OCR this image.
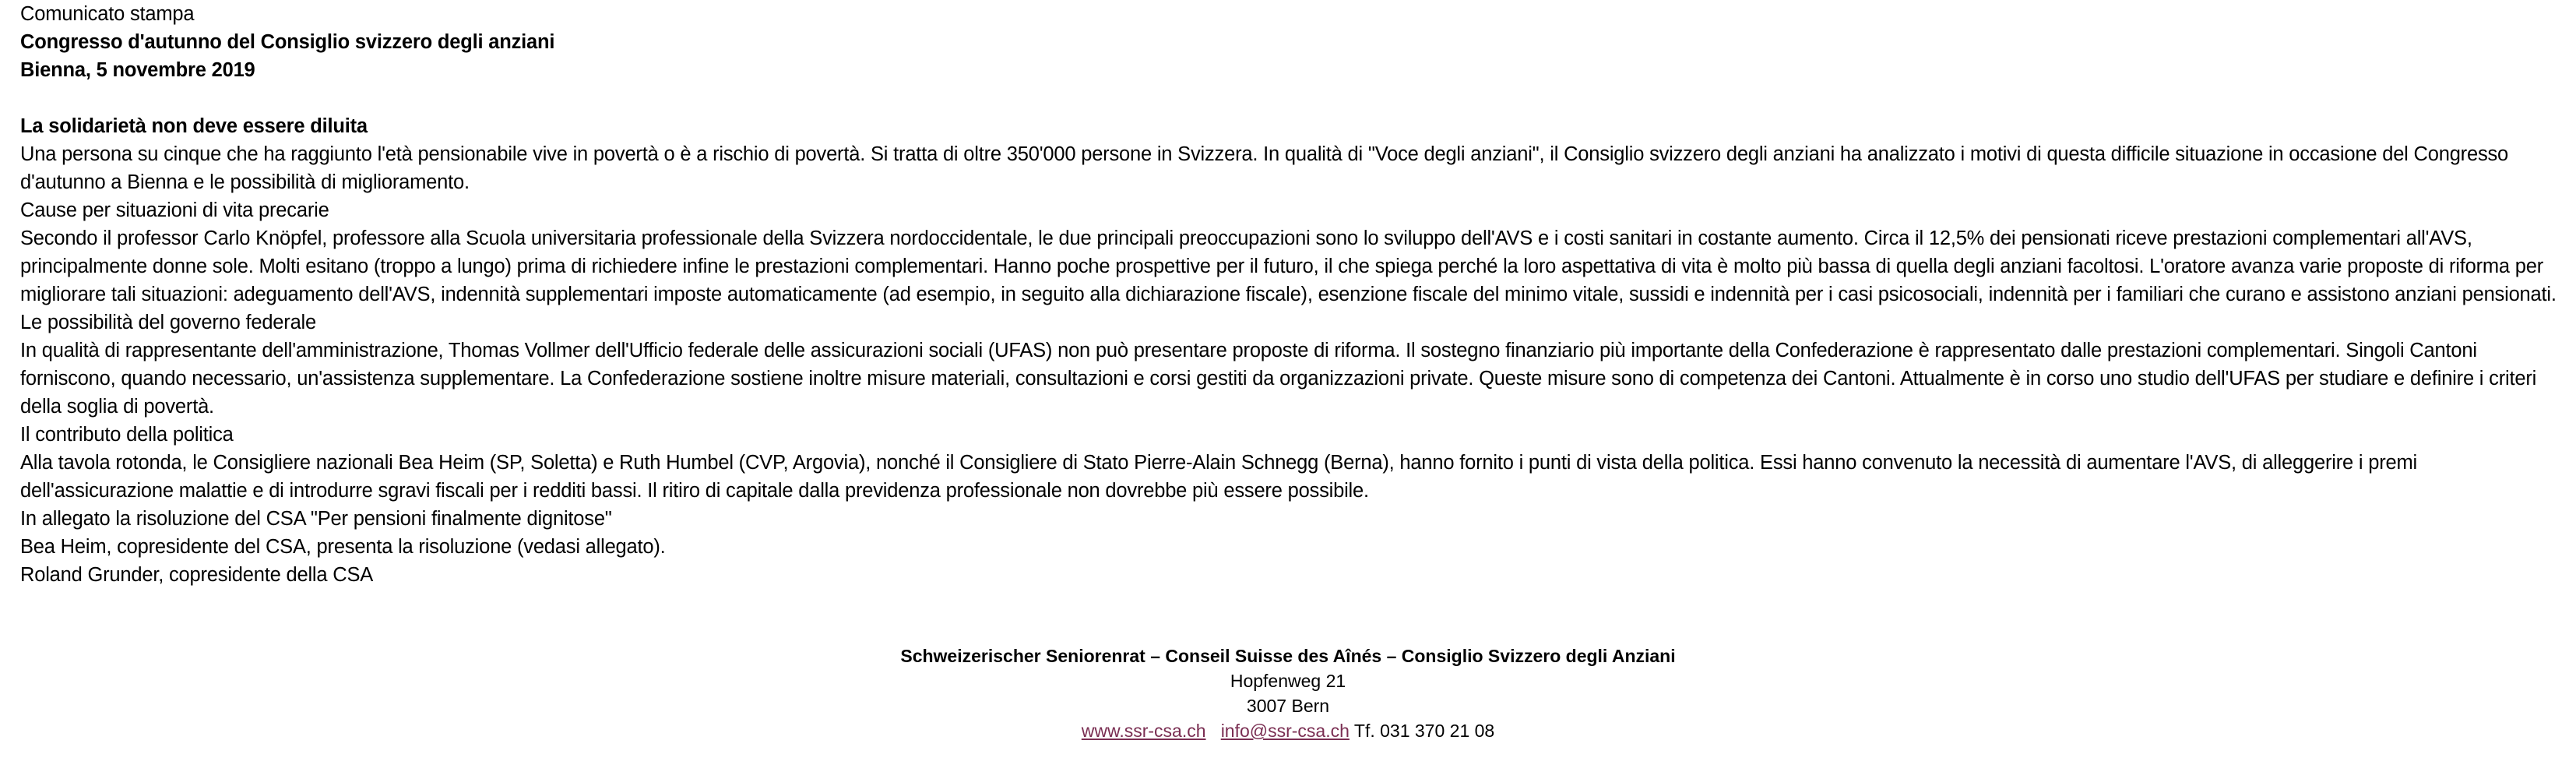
Comunicato stampa

Congresso d'autunno del Consiglio svizzero degli anziani

Bienna, 5 novembre 2019

La solidarietà non deve essere diluita

Una persona su cinque che ha raggiunto l'età pensionabile vive in povertà o è a rischio di povertà. Si tratta di oltre 350'000 persone in Svizzera. In qualità di "Voce degli anziani", il Consiglio svizzero degli anziani ha analizzato i motivi di questa difficile situazione in occasione del Congresso d'autunno a Bienna e le possibilità di miglioramento.

Cause per situazioni di vita precarie

Secondo il professor Carlo Knöpfel, professore alla Scuola universitaria professionale della Svizzera nordoccidentale, le due principali preoccupazioni sono lo sviluppo dell'AVS e i costi sanitari in costante aumento. Circa il 12,5% dei pensionati riceve prestazioni complementari all'AVS, principalmente donne sole. Molti esitano (troppo a lungo) prima di richiedere infine le prestazioni complementari. Hanno poche prospettive per il futuro, il che spiega perché la loro aspettativa di vita è molto più bassa di quella degli anziani facoltosi. L'oratore avanza varie proposte di riforma per migliorare tali situazioni: adeguamento dell'AVS, indennità supplementari imposte automaticamente (ad esempio, in seguito alla dichiarazione fiscale), esenzione fiscale del minimo vitale, sussidi e indennità per i casi psicosociali, indennità per i familiari che curano e assistono anziani pensionati.

Le possibilità del governo federale

In qualità di rappresentante dell'amministrazione, Thomas Vollmer dell'Ufficio federale delle assicurazioni sociali (UFAS) non può presentare proposte di riforma. Il sostegno finanziario più importante della Confederazione è rappresentato dalle prestazioni complementari. Singoli Cantoni forniscono, quando necessario, un'assistenza supplementare. La Confederazione sostiene inoltre misure materiali, consultazioni e corsi gestiti da organizzazioni private. Queste misure sono di competenza dei Cantoni. Attualmente è in corso uno studio dell'UFAS per studiare e definire i criteri della soglia di povertà.

Il contributo della politica

Alla tavola rotonda, le Consigliere nazionali Bea Heim (SP, Soletta) e Ruth Humbel (CVP, Argovia), nonché il Consigliere di Stato Pierre-Alain Schnegg (Berna), hanno fornito i punti di vista della politica. Essi hanno convenuto la necessità di aumentare l'AVS, di alleggerire i premi dell'assicurazione malattie e di introdurre sgravi fiscali per i redditi bassi. Il ritiro di capitale dalla previdenza professionale non dovrebbe più essere possibile.

In allegato la risoluzione del CSA "Per pensioni finalmente dignitose"

Bea Heim, copresidente del CSA, presenta la risoluzione (vedasi allegato).

Roland Grunder, copresidente della CSA

Schweizerischer Seniorenrat – Conseil Suisse des Aînés – Consiglio Svizzero degli Anziani
Hopfenweg 21
3007 Bern
www.ssr-csa.ch info@ssr-csa.ch Tf. 031 370 21 08
